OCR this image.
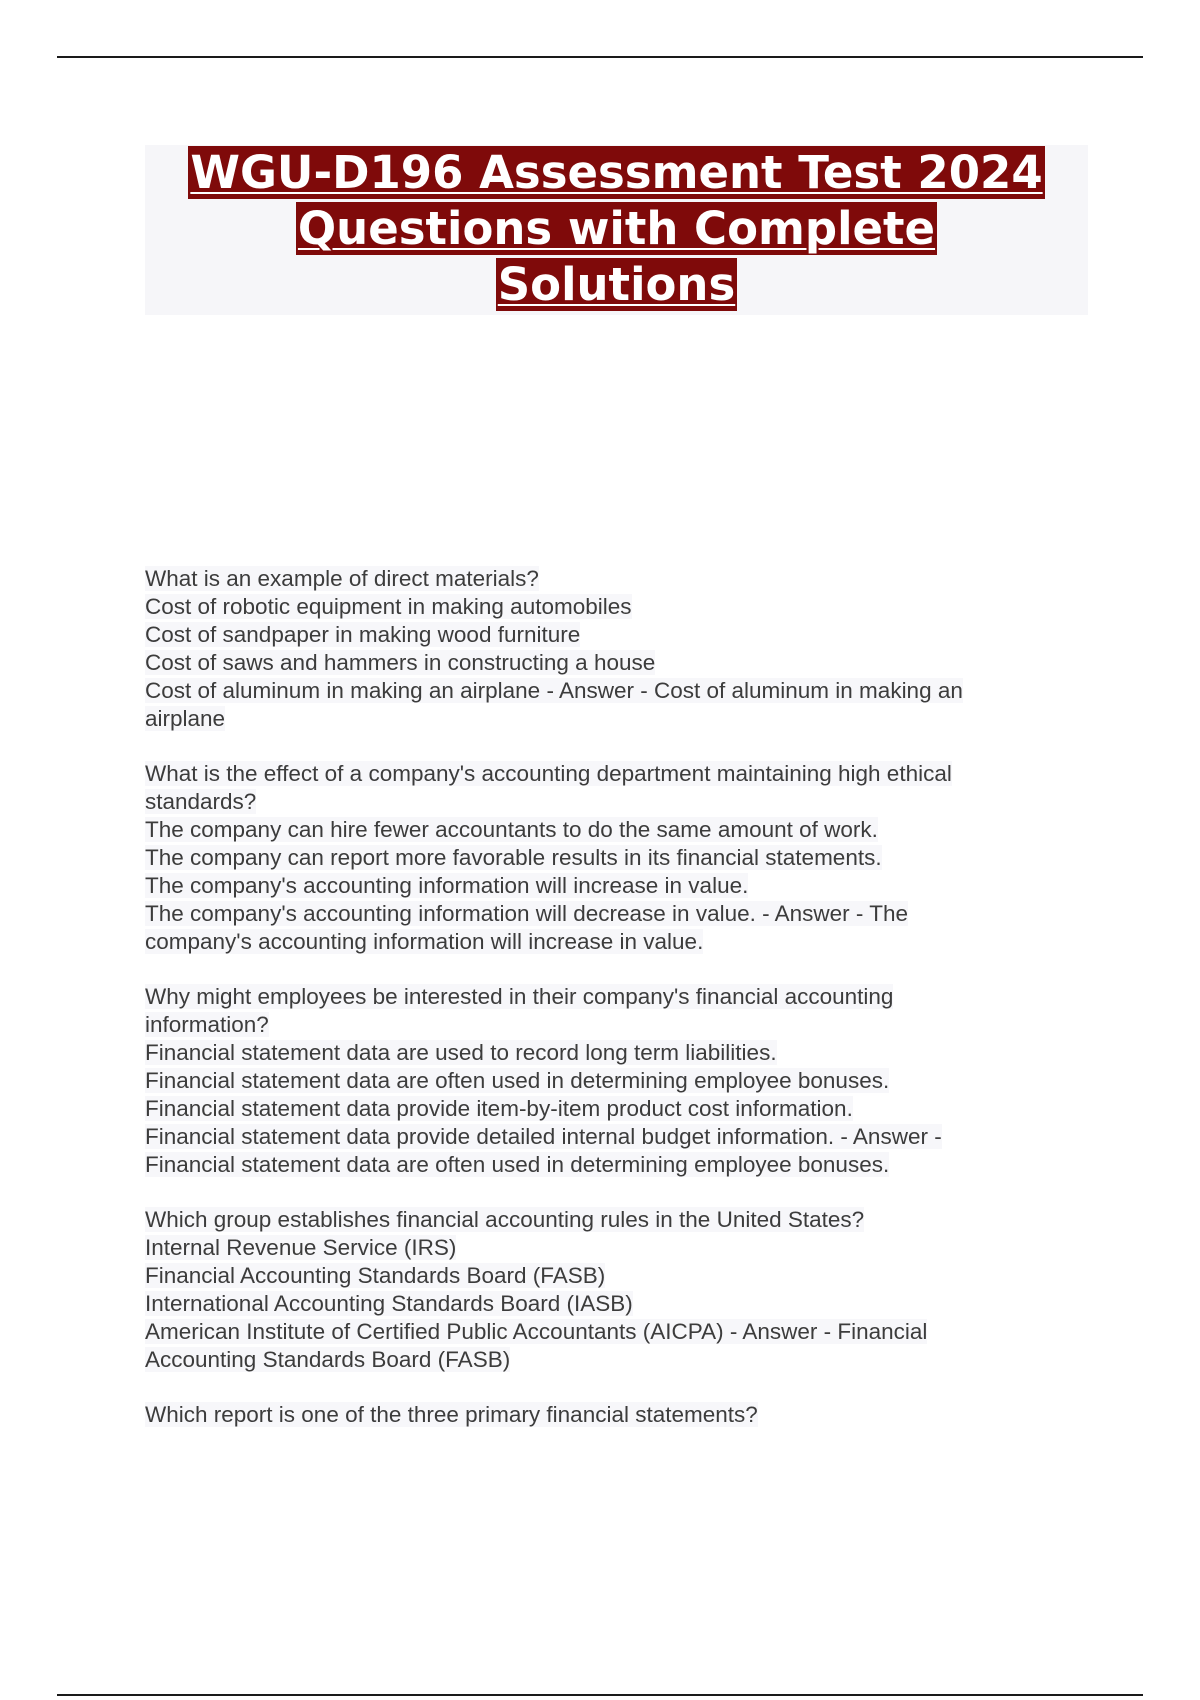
WGU-D196 Assessment Test 2024
Questions with Complete
Solutions
What is an example of direct materials?
Cost of robotic equipment in making automobiles
Cost of sandpaper in making wood furniture
Cost of saws and hammers in constructing a house
Cost of aluminum in making an airplane - Answer - Cost of aluminum in making an
airplane
What is the effect of a company's accounting department maintaining high ethical
standards?
The company can hire fewer accountants to do the same amount of work.
The company can report more favorable results in its financial statements.
The company's accounting information will increase in value.
The company's accounting information will decrease in value. - Answer - The
company's accounting information will increase in value.
Why might employees be interested in their company's financial accounting
information?
Financial statement data are used to record long term liabilities.
Financial statement data are often used in determining employee bonuses.
Financial statement data provide item-by-item product cost information.
Financial statement data provide detailed internal budget information. - Answer -
Financial statement data are often used in determining employee bonuses.
Which group establishes financial accounting rules in the United States?
Internal Revenue Service (IRS)
Financial Accounting Standards Board (FASB)
International Accounting Standards Board (IASB)
American Institute of Certified Public Accountants (AICPA) - Answer - Financial
Accounting Standards Board (FASB)
Which report is one of the three primary financial statements?
